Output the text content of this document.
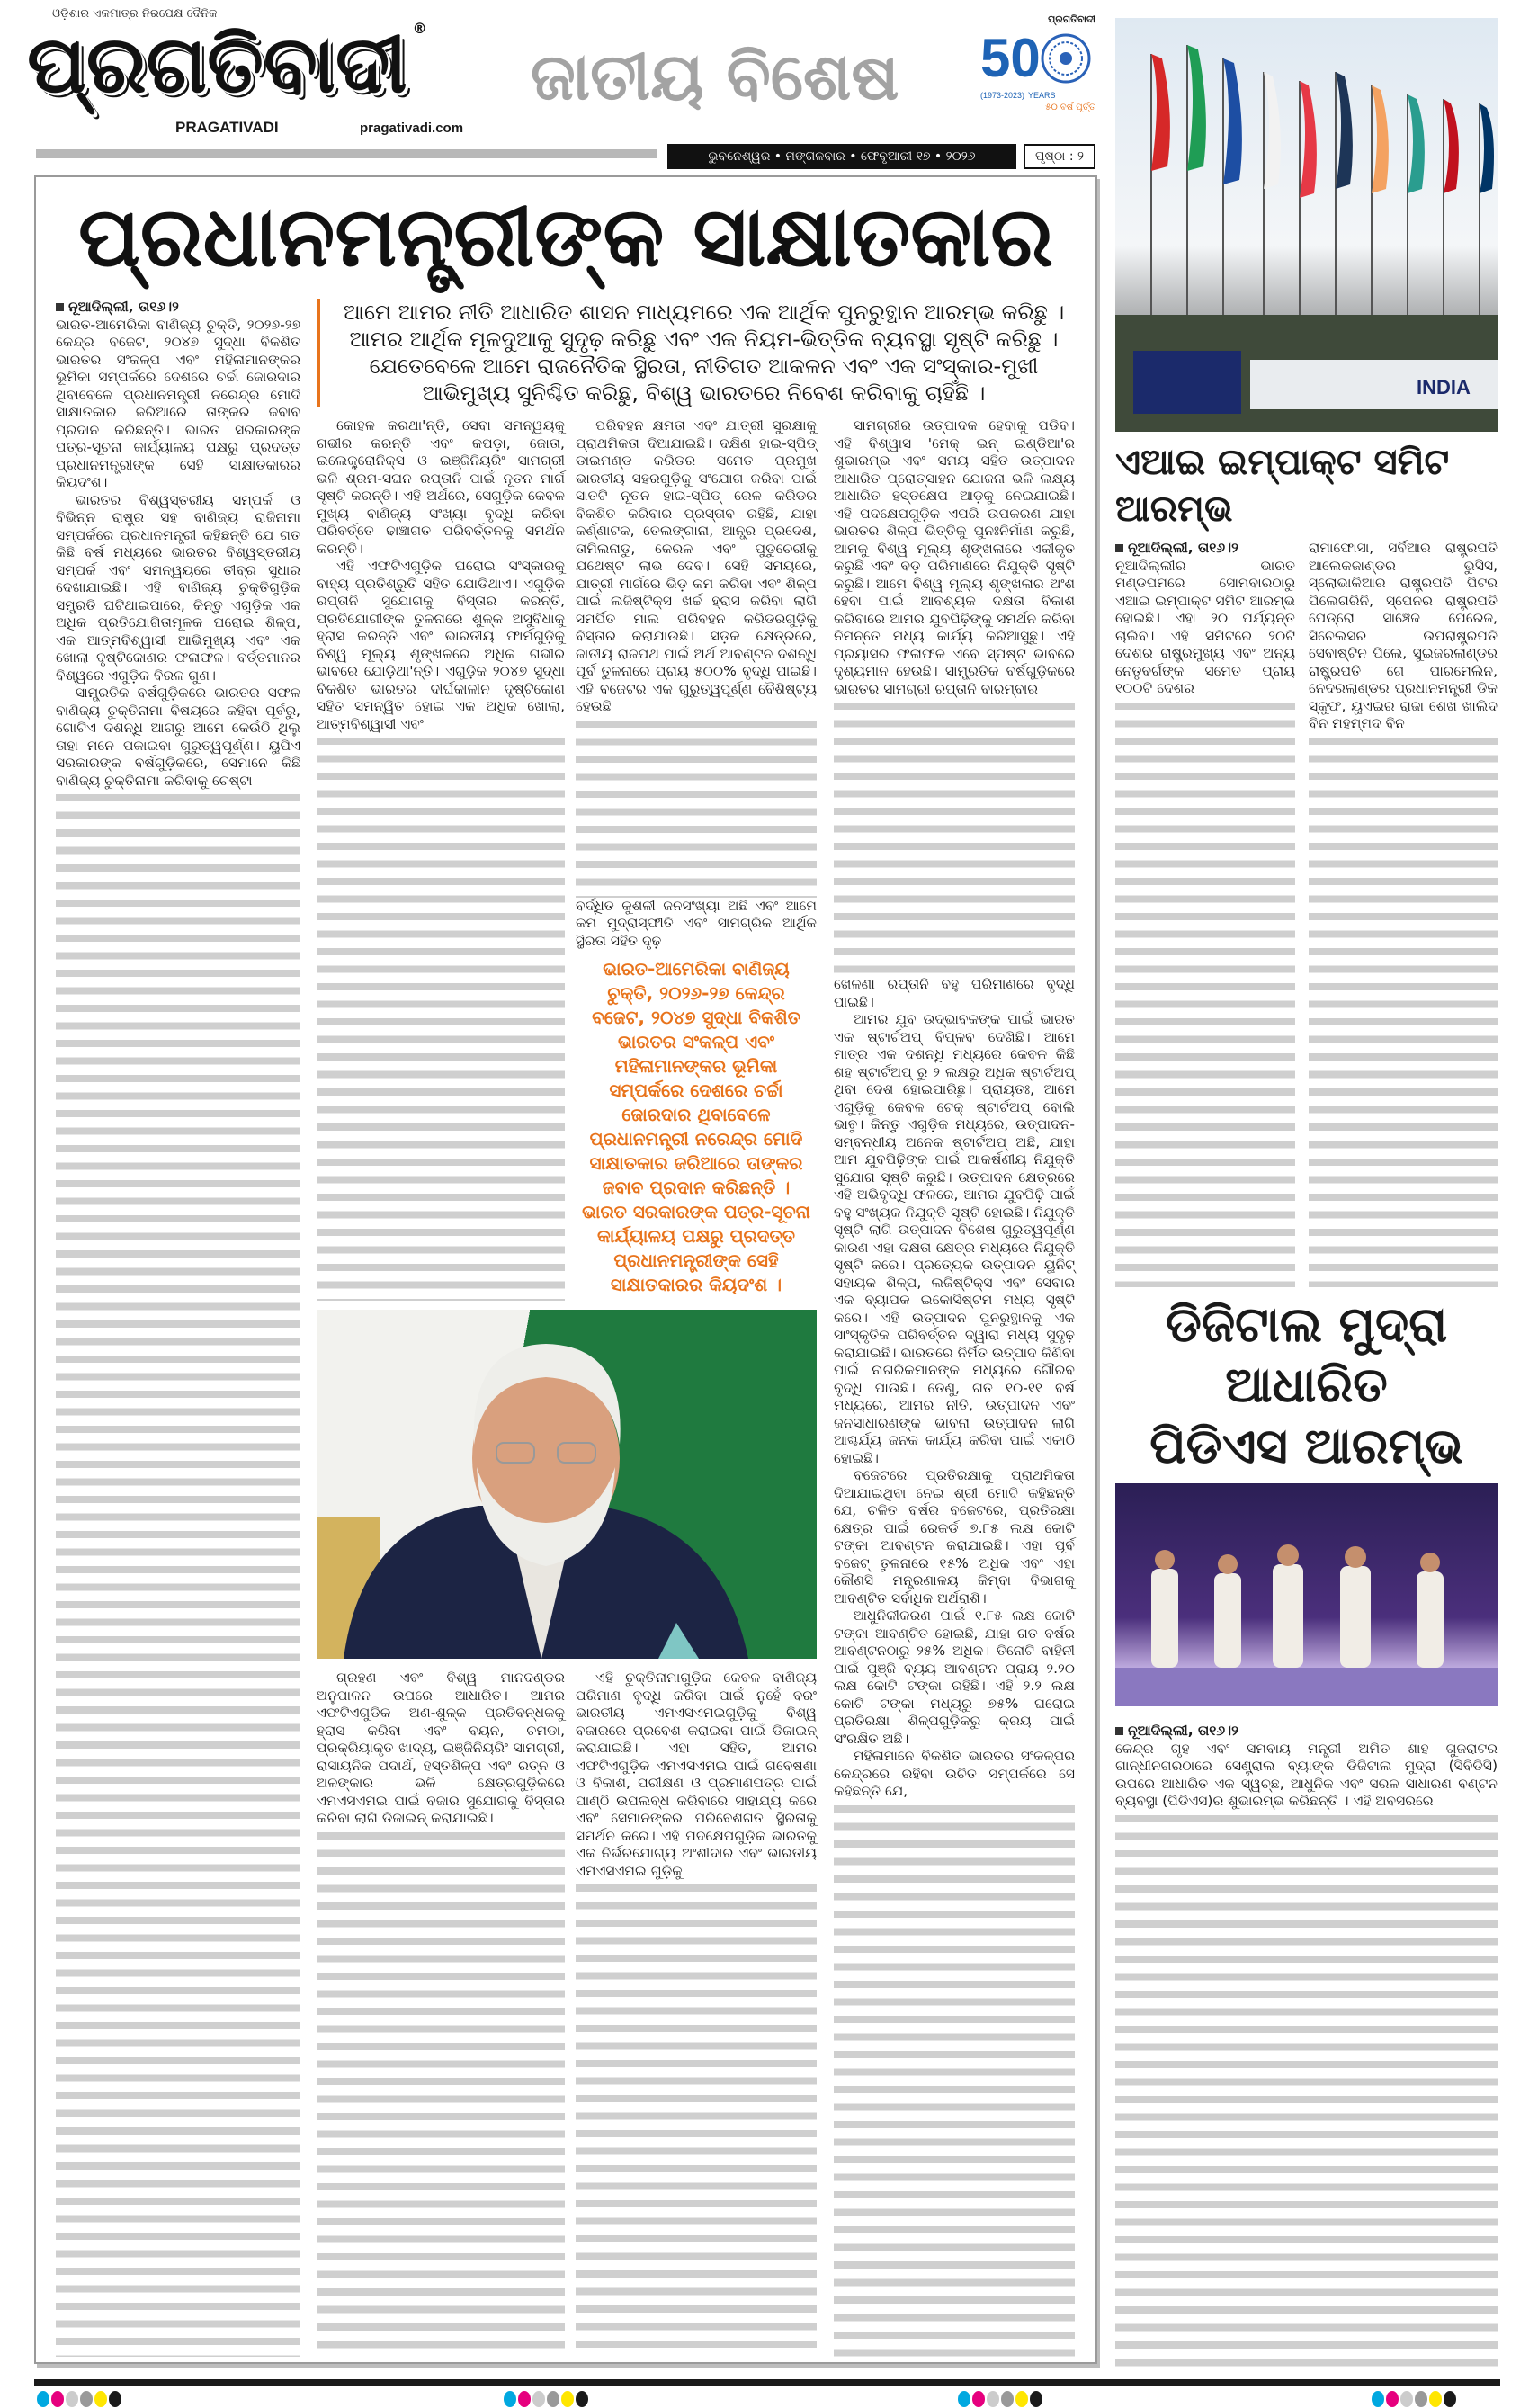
ଓଡ଼ିଶାର ଏକମାତ୍ର ନିରପେକ୍ଷ ଦୈନିକ
ପ୍ରଗତିବାଦୀ ®
PRAGATIVADI	pragativadi.com
ଜାତୀୟ ବିଶେଷ
ପ୍ରଗତିବାଦୀ
50
(1973-2023) YEARS
୫୦ ବର୍ଷ ପୂର୍ତ୍ତି
ଭୁବନେଶ୍ୱର • ମଙ୍ଗଳବାର • ଫେବୃଆରୀ ୧୭ • ୨୦୨୬	ପୃଷ୍ଠା : ୨
INDIA
ପ୍ରଧାନମନ୍ତ୍ରୀଙ୍କ ସାକ୍ଷାତକାର

ନୂଆଦିଲ୍ଲୀ, ତା୧୬।୨

ଭାରତ-ଆମେରିକା ବାଣିଜ୍ୟ ଚୁକ୍ତି, ୨୦୨୬-୨୭ କେନ୍ଦ୍ର ବଜେଟ, ୨୦୪୭ ସୁଦ୍ଧା ବିକଶିତ ଭାରତର ସଂକଳ୍ପ ଏବଂ ମହିଳାମାନଙ୍କର ଭୂମିକା ସମ୍ପର୍କରେ ଦେଶରେ ଚର୍ଚ୍ଚା ଜୋରଦାର ଥିବାବେଳେ ପ୍ରଧାନମନ୍ତ୍ରୀ ନରେନ୍ଦ୍ର ମୋଦି ସାକ୍ଷାତକାର ଜରିଆରେ ତାଙ୍କର ଜବାବ ପ୍ରଦାନ କରିଛନ୍ତି। ଭାରତ ସରକାରଙ୍କ ପତ୍ର-ସୂଚନା କାର୍ଯ୍ୟାଳୟ ପକ୍ଷରୁ ପ୍ରଦତ୍ତ ପ୍ରଧାନମନ୍ତ୍ରୀଙ୍କ ସେହି ସାକ୍ଷାତକାରର କିୟଦଂଶ।

ଭାରତର ବିଶ୍ୱସ୍ତରୀୟ ସମ୍ପର୍କ ଓ ବିଭିନ୍ନ ରାଷ୍ଟ୍ର ସହ ବାଣିଜ୍ୟ ରାଜିନାମା ସମ୍ପର୍କରେ ପ୍ରଧାନମନ୍ତ୍ରୀ କହିଛନ୍ତି ଯେ ଗତ କିଛି ବର୍ଷ ମଧ୍ୟରେ ଭାରତର ବିଶ୍ୱସ୍ତରୀୟ ସମ୍ପର୍କ ଏବଂ ସମନ୍ୱୟରେ ତୀବ୍ର ସୁଧାର ଦେଖାଯାଇଛି। ଏହି ବାଣିଜ୍ୟ ଚୁକ୍ତିଗୁଡ଼ିକ ସମ୍ପ୍ରତି ଘଟିଥାଇପାରେ, କିନ୍ତୁ ଏଗୁଡ଼ିକ ଏକ ଅଧିକ ପ୍ରତିଯୋଗିତାମୂଳକ ଘରୋଇ ଶିଳ୍ପ, ଏକ ଆତ୍ମବିଶ୍ୱାସୀ ଆଭିମୁଖ୍ୟ ଏବଂ ଏକ ଖୋଲା ଦୃଷ୍ଟିକୋଣର ଫଳାଫଳ। ବର୍ତ୍ତମାନର ବିଶ୍ୱରେ ଏଗୁଡ଼ିକ ବିରଳ ଗୁଣ।

ସାମ୍ପ୍ରତିକ ବର୍ଷଗୁଡ଼ିକରେ ଭାରତର ସଫଳ ବାଣିଜ୍ୟ ଚୁକ୍ତିନାମା ବିଷୟରେ କହିବା ପୂର୍ବରୁ, ଗୋଟିଏ ଦଶନ୍ଧି ଆଗରୁ ଆମେ କେଉଁଠି ଥିଲୁ ତାହା ମନେ ପକାଇବା ଗୁରୁତ୍ୱପୂର୍ଣ୍ଣ। ୟୁପିଏ ସରକାରଙ୍କ ବର୍ଷଗୁଡ଼ିକରେ, ସେମାନେ କିଛି ବାଣିଜ୍ୟ ଚୁକ୍ତିନାମା କରିବାକୁ ଚେଷ୍ଟା

ଆମେ ଆମର ନୀତି ଆଧାରିତ ଶାସନ ମାଧ୍ୟମରେ ଏକ ଆର୍ଥିକ ପୁନରୁତ୍ଥାନ ଆରମ୍ଭ କରିଛୁ । ଆମର ଆର୍ଥିକ ମୂଳଦୁଆକୁ ସୁଦୃଢ଼ କରିଛୁ ଏବଂ ଏକ ନିୟମ-ଭିତ୍ତିକ ବ୍ୟବସ୍ଥା ସୃଷ୍ଟି କରିଛୁ । ଯେତେବେଳେ ଆମେ ରାଜନୈତିକ ସ୍ଥିରତା, ନୀତିଗତ ଆକଳନ ଏବଂ ଏକ ସଂସ୍କାର-ମୁଖୀ ଆଭିମୁଖ୍ୟ ସୁନିଶ୍ଚିତ କରିଛୁ, ବିଶ୍ୱ ଭାରତରେ ନିବେଶ କରିବାକୁ ଚାହିଁଛି ।

କୋହଳ କରଥା'ନ୍ତି, ସେବା ସମନ୍ୱୟକୁ ଗଭୀର କରନ୍ତି ଏବଂ କପଡ଼ା, ଜୋତା, ଇଲେକ୍ଟ୍ରୋନିକ୍ସ ଓ ଇଞ୍ଜିନିୟରିଂ ସାମଗ୍ରୀ ଭଳି ଶ୍ରମ-ସଘନ ରପ୍ତାନି ପାଇଁ ନୂତନ ମାର୍ଗ ସୃଷ୍ଟି କରନ୍ତି। ଏହି ଅର୍ଥରେ, ସେଗୁଡ଼ିକ କେବଳ ମୁଖ୍ୟ ବାଣିଜ୍ୟ ସଂଖ୍ୟା ବୃଦ୍ଧି କରିବା ପରିବର୍ତ୍ତେ ଢାଞ୍ଚାଗତ ପରିବର୍ତ୍ତନକୁ ସମର୍ଥନ କରନ୍ତି।

ଏହି ଏଫଟିଏଗୁଡ଼ିକ ଘରୋଇ ସଂସ୍କାରକୁ ବାହ୍ୟ ପ୍ରତିଶ୍ରୁତି ସହିତ ଯୋଡିଥାଏ। ଏଗୁଡ଼ିକ ରପ୍ତାନି ସୁଯୋଗକୁ ବିସ୍ତାର କରନ୍ତି, ପ୍ରତିଯୋଗୀଙ୍କ ତୁଳନାରେ ଶୁଳ୍କ ଅସୁବିଧାକୁ ହ୍ରାସ କରନ୍ତି ଏବଂ ଭାରତୀୟ ଫାର୍ମଗୁଡ଼ିକୁ ବିଶ୍ୱ ମୂଲ୍ୟ ଶୃଙ୍ଖଳରେ ଅଧିକ ଗଭୀର ଭାବରେ ଯୋଡ଼ିଥା'ନ୍ତି। ଏଗୁଡ଼ିକ ୨୦୪୭ ସୁଦ୍ଧା ବିକଶିତ ଭାରତର ଦୀର୍ଘକାଳୀନ ଦୃଷ୍ଟିକୋଣ ସହିତ ସମନ୍ୱିତ ହୋଇ ଏକ ଅଧିକ ଖୋଲା, ଆତ୍ମବିଶ୍ୱାସୀ ଏବଂ

ପରିବହନ କ୍ଷମତା ଏବଂ ଯାତ୍ରୀ ସୁରକ୍ଷାକୁ ପ୍ରାଥମିକତା ଦିଆଯାଇଛି। ଦକ୍ଷିଣ ହାଇ-ସ୍ପିଡ୍ ଡାଇମଣ୍ଡ କରିଡର ସମେତ ପ୍ରମୁଖ ଭାରତୀୟ ସହରଗୁଡ଼ିକୁ ସଂଯୋଗ କରିବା ପାଇଁ ସାତଟି ନୂତନ ହାଇ-ସ୍ପିଡ୍ ରେଳ କରିଡର ବିକଶିତ କରିବାର ପ୍ରସ୍ତାବ ରହିଛି, ଯାହା କର୍ଣ୍ଣାଟକ, ତେଲଙ୍ଗାନା, ଆନ୍ଧ୍ର ପ୍ରଦେଶ, ତାମିଲନାଡୁ, କେରଳ ଏବଂ ପୁଡୁଚେରୀକୁ ଯଥେଷ୍ଟ ଲାଭ ଦେବ। ସେହି ସମୟରେ, ଯାତ୍ରୀ ମାର୍ଗରେ ଭିଡ଼ କମ କରିବା ଏବଂ ଶିଳ୍ପ ପାଇଁ ଲଜିଷ୍ଟିକ୍ସ ଖର୍ଚ୍ଚ ହ୍ରାସ କରିବା ଲାଗି ସମର୍ପିତ ମାଲ ପରିବହନ କରିଡରଗୁଡ଼ିକୁ ବିସ୍ତାର କରାଯାଉଛି। ସଡ଼କ କ୍ଷେତ୍ରରେ, ଜାତୀୟ ରାଜପଥ ପାଇଁ ଅର୍ଥ ଆବଣ୍ଟନ ଦଶନ୍ଧି ପୂର୍ବ ତୁଳନାରେ ପ୍ରାୟ ୫୦୦% ବୃଦ୍ଧି ପାଇଛି। ଏହି ବଜେଟର ଏକ ଗୁରୁତ୍ୱପୂର୍ଣ୍ଣ ବୈଶିଷ୍ଟ୍ୟ ହେଉଛି

ବର୍ଦ୍ଧିତ କୁଶଳୀ ଜନସଂଖ୍ୟା ଅଛି ଏବଂ ଆମେ କମ ମୁଦ୍ରାସ୍ଫୀତି ଏବଂ ସାମଗ୍ରିକ ଆର୍ଥିକ ସ୍ଥିରତା ସହିତ ଦୃଢ଼

ଭାରତ-ଆମେରିକା ବାଣିଜ୍ୟ ଚୁକ୍ତି, ୨୦୨୬-୨୭ କେନ୍ଦ୍ର ବଜେଟ, ୨୦୪୭ ସୁଦ୍ଧା ବିକଶିତ ଭାରତର ସଂକଳ୍ପ ଏବଂ ମହିଳାମାନଙ୍କର ଭୂମିକା ସମ୍ପର୍କରେ ଦେଶରେ ଚର୍ଚ୍ଚା ଜୋରଦାର ଥିବାବେଳେ ପ୍ରଧାନମନ୍ତ୍ରୀ ନରେନ୍ଦ୍ର ମୋଦି ସାକ୍ଷାତକାର ଜରିଆରେ ତାଙ୍କର ଜବାବ ପ୍ରଦାନ କରିଛନ୍ତି । ଭାରତ ସରକାରଙ୍କ ପତ୍ର-ସୂଚନା କାର୍ଯ୍ୟାଳୟ ପକ୍ଷରୁ ପ୍ରଦତ୍ତ ପ୍ରଧାନମନ୍ତ୍ରୀଙ୍କ ସେହି ସାକ୍ଷାତକାରର କିୟଦଂଶ ।

ଗ୍ରହଣ ଏବଂ ବିଶ୍ୱ ମାନଦଣ୍ଡର ଅନୁପାଳନ ଉପରେ ଆଧାରିତ। ଆମର ଏଫଟିଏଗୁଡିକ ଅଣ-ଶୁଳ୍କ ପ୍ରତିବନ୍ଧକକୁ ହ୍ରାସ କରିବା ଏବଂ ବୟନ, ଚମଡା, ପ୍ରକ୍ରିୟାକୃତ ଖାଦ୍ୟ, ଇଞ୍ଜିନିୟରିଂ ସାମଗ୍ରୀ, ରାସାୟନିକ ପଦାର୍ଥ, ହସ୍ତଶିଳ୍ପ ଏବଂ ରତ୍ନ ଓ ଅଳଙ୍କାର ଭଳି କ୍ଷେତ୍ରଗୁଡ଼ିକରେ ଏମଏସଏମଇ ପାଇଁ ବଜାର ସୁଯୋଗକୁ ବିସ୍ତାର କରିବା ଲାଗି ଡିଜାଇନ୍ କରାଯାଇଛି।

ଏହି ଚୁକ୍ତିନାମାଗୁଡ଼ିକ କେବଳ ବାଣିଜ୍ୟ ପରିମାଣ ବୃଦ୍ଧି କରିବା ପାଇଁ ନୁହେଁ ବରଂ ଭାରତୀୟ ଏମଏସଏମଇଗୁଡ଼ିକୁ ବିଶ୍ୱ ବଜାରରେ ପ୍ରବେଶ କରାଇବା ପାଇଁ ଡିଜାଇନ୍ କରାଯାଇଛି। ଏହା ସହିତ, ଆମର ଏଫଟିଏଗୁଡ଼ିକ ଏମଏସଏମଇ ପାଇଁ ଗବେଷଣା ଓ ବିକାଶ, ପରୀକ୍ଷଣ ଓ ପ୍ରମାଣପତ୍ର ପାଇଁ ପାଣ୍ଠି ଉପଲବ୍ଧ କରିବାରେ ସାହାଯ୍ୟ କରେ ଏବଂ ସେମାନଙ୍କର ପରିବେଶଗତ ସ୍ଥିରତାକୁ ସମର୍ଥନ କରେ। ଏହି ପଦକ୍ଷେପଗୁଡ଼ିକ ଭାରତକୁ ଏକ ନିର୍ଭରଯୋଗ୍ୟ ଅଂଶୀଦାର ଏବଂ ଭାରତୀୟ ଏମଏସଏମଇ ଗୁଡ଼ିକୁ

ସାମଗ୍ରୀର ଉତ୍ପାଦକ ହେବାକୁ ପଡିବ। ଏହି ବିଶ୍ୱାସ 'ମେକ୍ ଇନ୍ ଇଣ୍ଡିଆ'ର ଶୁଭାରମ୍ଭ ଏବଂ ସମୟ ସହିତ ଉତ୍ପାଦନ ଆଧାରିତ ପ୍ରୋତ୍ସାହନ ଯୋଜନା ଭଳି ଲକ୍ଷ୍ୟ ଆଧାରିତ ହସ୍ତକ୍ଷେପ ଆଡ଼କୁ ନେଇଯାଇଛି। ଏହି ପଦକ୍ଷେପଗୁଡ଼ିକ ଏପରି ଉପକରଣ ଯାହା ଭାରତର ଶିଳ୍ପ ଭିତ୍ତିକୁ ପୁନଃନିର୍ମାଣ କରୁଛି, ଆମକୁ ବିଶ୍ୱ ମୂଲ୍ୟ ଶୃଙ୍ଖଳାରେ ଏକୀକୃତ କରୁଛି ଏବଂ ବଡ଼ ପରିମାଣରେ ନିଯୁକ୍ତି ସୃଷ୍ଟି କରୁଛି। ଆମେ ବିଶ୍ୱ ମୂଲ୍ୟ ଶୃଙ୍ଖଳାର ଅଂଶ ହେବା ପାଇଁ ଆବଶ୍ୟକ ଦକ୍ଷତା ବିକାଶ କରିବାରେ ଆମର ଯୁବପିଢ଼ିଙ୍କୁ ସମର୍ଥନ କରିବା ନିମନ୍ତେ ମଧ୍ୟ କାର୍ଯ୍ୟ କରିଆସୁଛୁ। ଏହି ପ୍ରୟାସର ଫଳାଫଳ ଏବେ ସ୍ପଷ୍ଟ ଭାବରେ ଦୃଶ୍ୟମାନ ହେଉଛି। ସାମ୍ପ୍ରତିକ ବର୍ଷଗୁଡ଼ିକରେ ଭାରତର ସାମଗ୍ରୀ ରପ୍ତାନି ବାରମ୍ବାର

ଖେଳଣା ରପ୍ତାନି ବହୁ ପରିମାଣରେ ବୃଦ୍ଧି ପାଇଛି।

ଆମର ଯୁବ ଉଦ୍ଭାବକଙ୍କ ପାଇଁ ଭାରତ ଏକ ଷ୍ଟାର୍ଟଅପ୍ ବିପ୍ଳବ ଦେଖିଛି। ଆମେ ମାତ୍ର ଏକ ଦଶନ୍ଧି ମଧ୍ୟରେ କେବଳ କିଛି ଶହ ଷ୍ଟାର୍ଟଅପ୍ ରୁ ୨ ଲକ୍ଷରୁ ଅଧିକ ଷ୍ଟାର୍ଟଅପ୍ ଥିବା ଦେଶ ହୋଇପାରିଛୁ। ପ୍ରାୟତଃ, ଆମେ ଏଗୁଡ଼ିକୁ କେବଳ ଟେକ୍ ଷ୍ଟାର୍ଟଅପ୍ ବୋଲି ଭାବୁ। କିନ୍ତୁ ଏଗୁଡ଼ିକ ମଧ୍ୟରେ, ଉତ୍ପାଦନ-ସମ୍ବନ୍ଧୀୟ ଅନେକ ଷ୍ଟାର୍ଟଅପ୍ ଅଛି, ଯାହା ଆମ ଯୁବପିଢ଼ିଙ୍କ ପାଇଁ ଆକର୍ଷଣୀୟ ନିଯୁକ୍ତି ସୁଯୋଗ ସୃଷ୍ଟି କରୁଛି। ଉତ୍ପାଦନ କ୍ଷେତ୍ରରେ ଏହି ଅଭିବୃଦ୍ଧି ଫଳରେ, ଆମର ଯୁବପିଢ଼ି ପାଇଁ ବହୁ ସଂଖ୍ୟକ ନିଯୁକ୍ତି ସୃଷ୍ଟି ହୋଇଛି। ନିଯୁକ୍ତି ସୃଷ୍ଟି ଲାଗି ଉତ୍ପାଦନ ବିଶେଷ ଗୁରୁତ୍ୱପୂର୍ଣ୍ଣ କାରଣ ଏହା ଦକ୍ଷତା କ୍ଷେତ୍ର ମଧ୍ୟରେ ନିଯୁକ୍ତି ସୃଷ୍ଟି କରେ। ପ୍ରତ୍ୟେକ ଉତ୍ପାଦନ ୟୁନିଟ୍ ସହାୟକ ଶିଳ୍ପ, ଲଜିଷ୍ଟିକ୍ସ ଏବଂ ସେବାର ଏକ ବ୍ୟାପକ ଇକୋସିଷ୍ଟମ ମଧ୍ୟ ସୃଷ୍ଟି କରେ। ଏହି ଉତ୍ପାଦନ ପୁନରୁତ୍ଥାନକୁ ଏକ ସାଂସ୍କୃତିକ ପରିବର୍ତ୍ତନ ଦ୍ୱାରା ମଧ୍ୟ ସୁଦୃଢ଼ କରାଯାଇଛି। ଭାରତରେ ନିର୍ମିତ ଉତ୍ପାଦ କିଣିବା ପାଇଁ ନାଗରିକମାନଙ୍କ ମଧ୍ୟରେ ଗୌରବ ବୃଦ୍ଧି ପାଉଛି। ତେଣୁ, ଗତ ୧୦-୧୧ ବର୍ଷ ମଧ୍ୟରେ, ଆମର ନୀତି, ଉତ୍ପାଦନ ଏବଂ ଜନସାଧାରଣଙ୍କ ଭାବନା ଉତ୍ପାଦନ ଲାଗି ଆଶ୍ଚର୍ଯ୍ୟ ଜନକ କାର୍ଯ୍ୟ କରିବା ପାଇଁ ଏକାଠି ହୋଇଛି।

ବଜେଟରେ ପ୍ରତିରକ୍ଷାକୁ ପ୍ରାଥମିକତା ଦିଆଯାଇଥିବା ନେଇ ଶ୍ରୀ ମୋଦି କହିଛନ୍ତି ଯେ, ଚଳିତ ବର୍ଷର ବଜେଟରେ, ପ୍ରତିରକ୍ଷା କ୍ଷେତ୍ର ପାଇଁ ରେକର୍ଡ ୭.୮୫ ଲକ୍ଷ କୋଟି ଟଙ୍କା ଆବଣ୍ଟନ କରାଯାଇଛି। ଏହା ପୂର୍ବ ବଜେଟ୍ ତୁଳନାରେ ୧୫% ଅଧିକ ଏବଂ ଏହା କୌଣସି ମନ୍ତ୍ରଣାଳୟ କିମ୍ବା ବିଭାଗକୁ ଆବଣ୍ଟିତ ସର୍ବାଧିକ ଅର୍ଥରାଶି।

ଆଧୁନିକୀକରଣ ପାଇଁ ୧.୮୫ ଲକ୍ଷ କୋଟି ଟଙ୍କା ଆବଣ୍ଟିତ ହୋଇଛି, ଯାହା ଗତ ବର୍ଷର ଆବଣ୍ଟନଠାରୁ ୨୫% ଅଧିକ। ତିନୋଟି ବାହିନୀ ପାଇଁ ପୁଞ୍ଜି ବ୍ୟୟ ଆବଣ୍ଟନ ପ୍ରାୟ ୨.୨୦ ଲକ୍ଷ କୋଟି ଟଙ୍କା ରହିଛି। ଏହି ୨.୨ ଲକ୍ଷ କୋଟି ଟଙ୍କା ମଧ୍ୟରୁ ୭୫% ଘରୋଇ ପ୍ରତିରକ୍ଷା ଶିଳ୍ପଗୁଡ଼ିକରୁ କ୍ରୟ ପାଇଁ ସଂରକ୍ଷିତ ଅଛି।

ମହିଳାମାନେ ବିକଶିତ ଭାରତର ସଂକଳ୍ପର କେନ୍ଦ୍ରରେ ରହିବା ଉଚିତ ସମ୍ପର୍କରେ ସେ କହିଛନ୍ତି ଯେ,

ଏଆଇ ଇମ୍ପାକ୍ଟ ସମିଟ ଆରମ୍ଭ

ନୂଆଦିଲ୍ଲୀ, ତା୧୬।୨

ନୂଆଦିଲ୍ଲୀର ଭାରତ ମଣ୍ଡପମରେ ସୋମବାରଠାରୁ ଏଆଇ ଇମ୍ପାକ୍ଟ ସମିଟ ଆରମ୍ଭ ହୋଇଛି। ଏହା ୨୦ ପର୍ଯ୍ୟନ୍ତ ଚାଲିବ। ଏହି ସମିଟରେ ୨୦ଟି ଦେଶର ରାଷ୍ଟ୍ରମୁଖ୍ୟ ଏବଂ ଅନ୍ୟ ନେତୃବର୍ଗଙ୍କ ସମେତ ପ୍ରାୟ ୧୦୦ଟି ଦେଶର

ରାମାଫୋସା, ସର୍ବିଆର ରାଷ୍ଟ୍ରପତି ଆଲେକଜାଣ୍ଡର ଭୁସିସ, ସ୍ଲୋଭାକିଆର ରାଷ୍ଟ୍ରପତି ପିଟର ପିଲେଗରିନି, ସ୍ପେନର ରାଷ୍ଟ୍ରପତି ପେଡ୍ରୋ ସାଞ୍ଚେଜ ପେରେଜ, ସିଚେଲସର ଉପରାଷ୍ଟ୍ରପତି ସେବାଷ୍ଟିନ ପିଲେ, ସୁଇଜରଲାଣ୍ଡର ରାଷ୍ଟ୍ରପତି ଗେ ପାରମେଲିନ, ନେଦରଲାଣ୍ଡର ପ୍ରଧାନମନ୍ତ୍ରୀ ଡିକ ସ୍କୁଫ, ୟୁଏଇର ରାଜା ଶେଖ ଖାଲିଦ ବିନ ମହମ୍ମଦ ବିନ

ଡିଜିଟାଲ ମୁଦ୍ରା ଆଧାରିତ
ପିଡିଏସ ଆରମ୍ଭ

ନୂଆଦିଲ୍ଲୀ, ତା୧୬।୨

କେନ୍ଦ୍ର ଗୃହ ଏବଂ ସମବାୟ ମନ୍ତ୍ରୀ ଅମିତ ଶାହ ଗୁଜରାଟର ଗାନ୍ଧୀନଗରଠାରେ ସେଣ୍ଟ୍ରାଲ ବ୍ୟାଙ୍କ ଡିଜିଟାଲ ମୁଦ୍ରା (ସିବିଡିସି) ଉପରେ ଆଧାରିତ ଏକ ସ୍ୱଚ୍ଛ, ଆଧୁନିକ ଏବଂ ସରଳ ସାଧାରଣ ବଣ୍ଟନ ବ୍ୟବସ୍ଥା (ପିଡିଏସ)ର ଶୁଭାରମ୍ଭ କରିଛନ୍ତି । ଏହି ଅବସରରେ
